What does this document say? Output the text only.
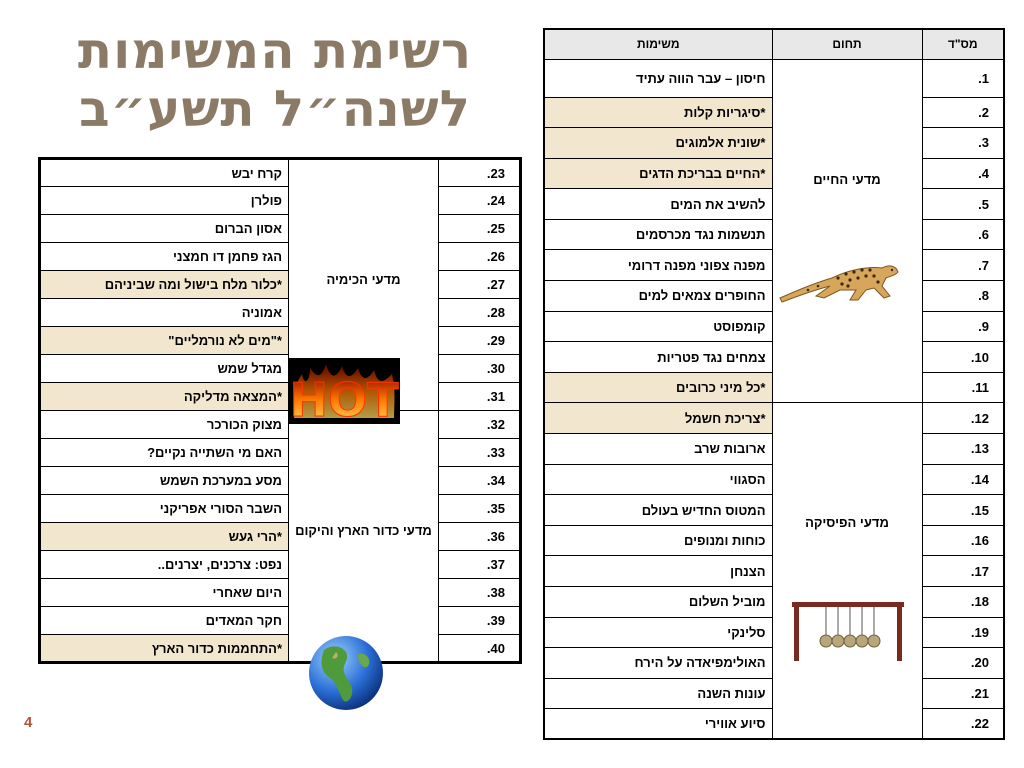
רשימת המשימות
לשנה״ל תשע״ב
מס"ד	תחום	משימות
1.	מדעי החיים	חיסון – עבר הווה עתיד
2.		*סיגריות קלות
3.		*שונית אלמוגים
4.		*החיים בבריכת הדגים
5.		להשיב את המים
6.		תנשמות נגד מכרסמים
7.		מפנה צפוני מפנה דרומי
8.		החופרים צמאים למים
9.		קומפוסט
10.		צמחים נגד פטריות
11.		*כל מיני כרובים
12.	מדעי הפיסיקה	*צריכת חשמל
13.		ארובות שרב
14.		הסגווי
15.		המטוס החדיש בעולם
16.		כוחות ומנופים
17.		הצנחן
18.		מוביל השלום
19.		סלינקי
20.		האולימפיאדה על הירח
21.		עונות השנה
22.		סיוע אווירי
23.	מדעי הכימיה	קרח יבש
24.		פולרן
25.		אסון הברום
26.		הגז פחמן דו חמצני
27.		*כלור מלח בישול ומה שביניהם
28.		אמוניה
29.		*"מים לא נורמליים"
30.		מגדל שמש
31.		*המצאה מדליקה
32.	מדעי כדור הארץ והיקום	מצוק הכורכר
33.		האם מי השתייה נקיים?
34.		מסע במערכת השמש
35.		השבר הסורי אפריקני
36.		*הרי געש
37.		נפט: צרכנים, יצרנים..
38.		היום שאחרי
39.		חקר המאדים
40.		*התחממות כדור הארץ
HOT
4
